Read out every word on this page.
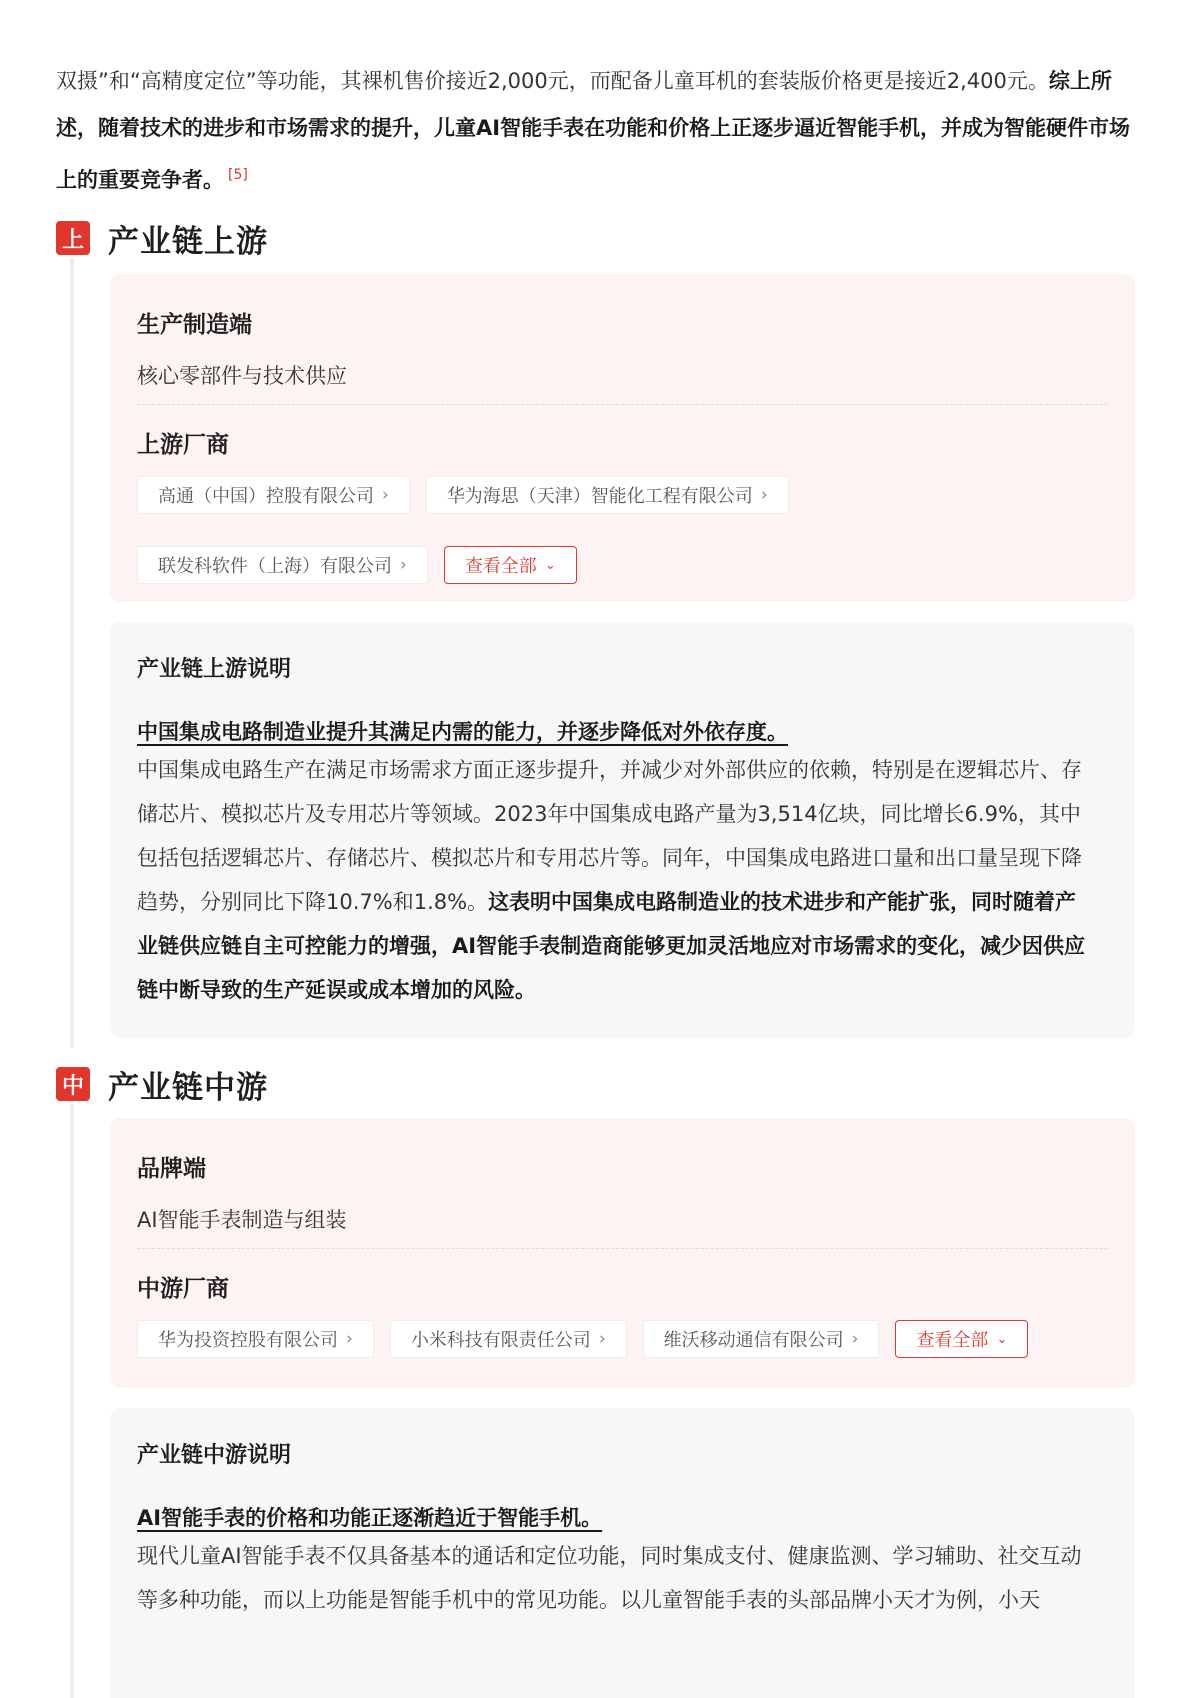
双摄”和“高精度定位”等功能，其裸机售价接近2,000元，而配备儿童耳机的套装版价格更是接近2,400元。综上所述，随着技术的进步和市场需求的提升，儿童AI智能手表在功能和价格上正逐步逼近智能手机，并成为智能硬件市场上的重要竞争者。 [5]
上 产业链上游
生产制造端
核心零部件与技术供应
上游厂商
高通（中国）控股有限公司 ›	华为海思（天津）智能化工程有限公司 ›
联发科软件（上海）有限公司 ›	查看全部 ⌄
产业链上游说明
中国集成电路制造业提升其满足内需的能力，并逐步降低对外依存度。
中国集成电路生产在满足市场需求方面正逐步提升，并减少对外部供应的依赖，特别是在逻辑芯片、存储芯片、模拟芯片及专用芯片等领域。2023年中国集成电路产量为3,514亿块，同比增长6.9%，其中包括包括逻辑芯片、存储芯片、模拟芯片和专用芯片等。同年，中国集成电路进口量和出口量呈现下降趋势，分别同比下降10.7%和1.8%。这表明中国集成电路制造业的技术进步和产能扩张，同时随着产业链供应链自主可控能力的增强，AI智能手表制造商能够更加灵活地应对市场需求的变化，减少因供应链中断导致的生产延误或成本增加的风险。
中 产业链中游
品牌端
AI智能手表制造与组装
中游厂商
华为投资控股有限公司 ›	小米科技有限责任公司 ›	维沃移动通信有限公司 ›	查看全部 ⌄
产业链中游说明
AI智能手表的价格和功能正逐渐趋近于智能手机。
现代儿童AI智能手表不仅具备基本的通话和定位功能，同时集成支付、健康监测、学习辅助、社交互动等多种功能，而以上功能是智能手机中的常见功能。以儿童智能手表的头部品牌小天才为例，小天
